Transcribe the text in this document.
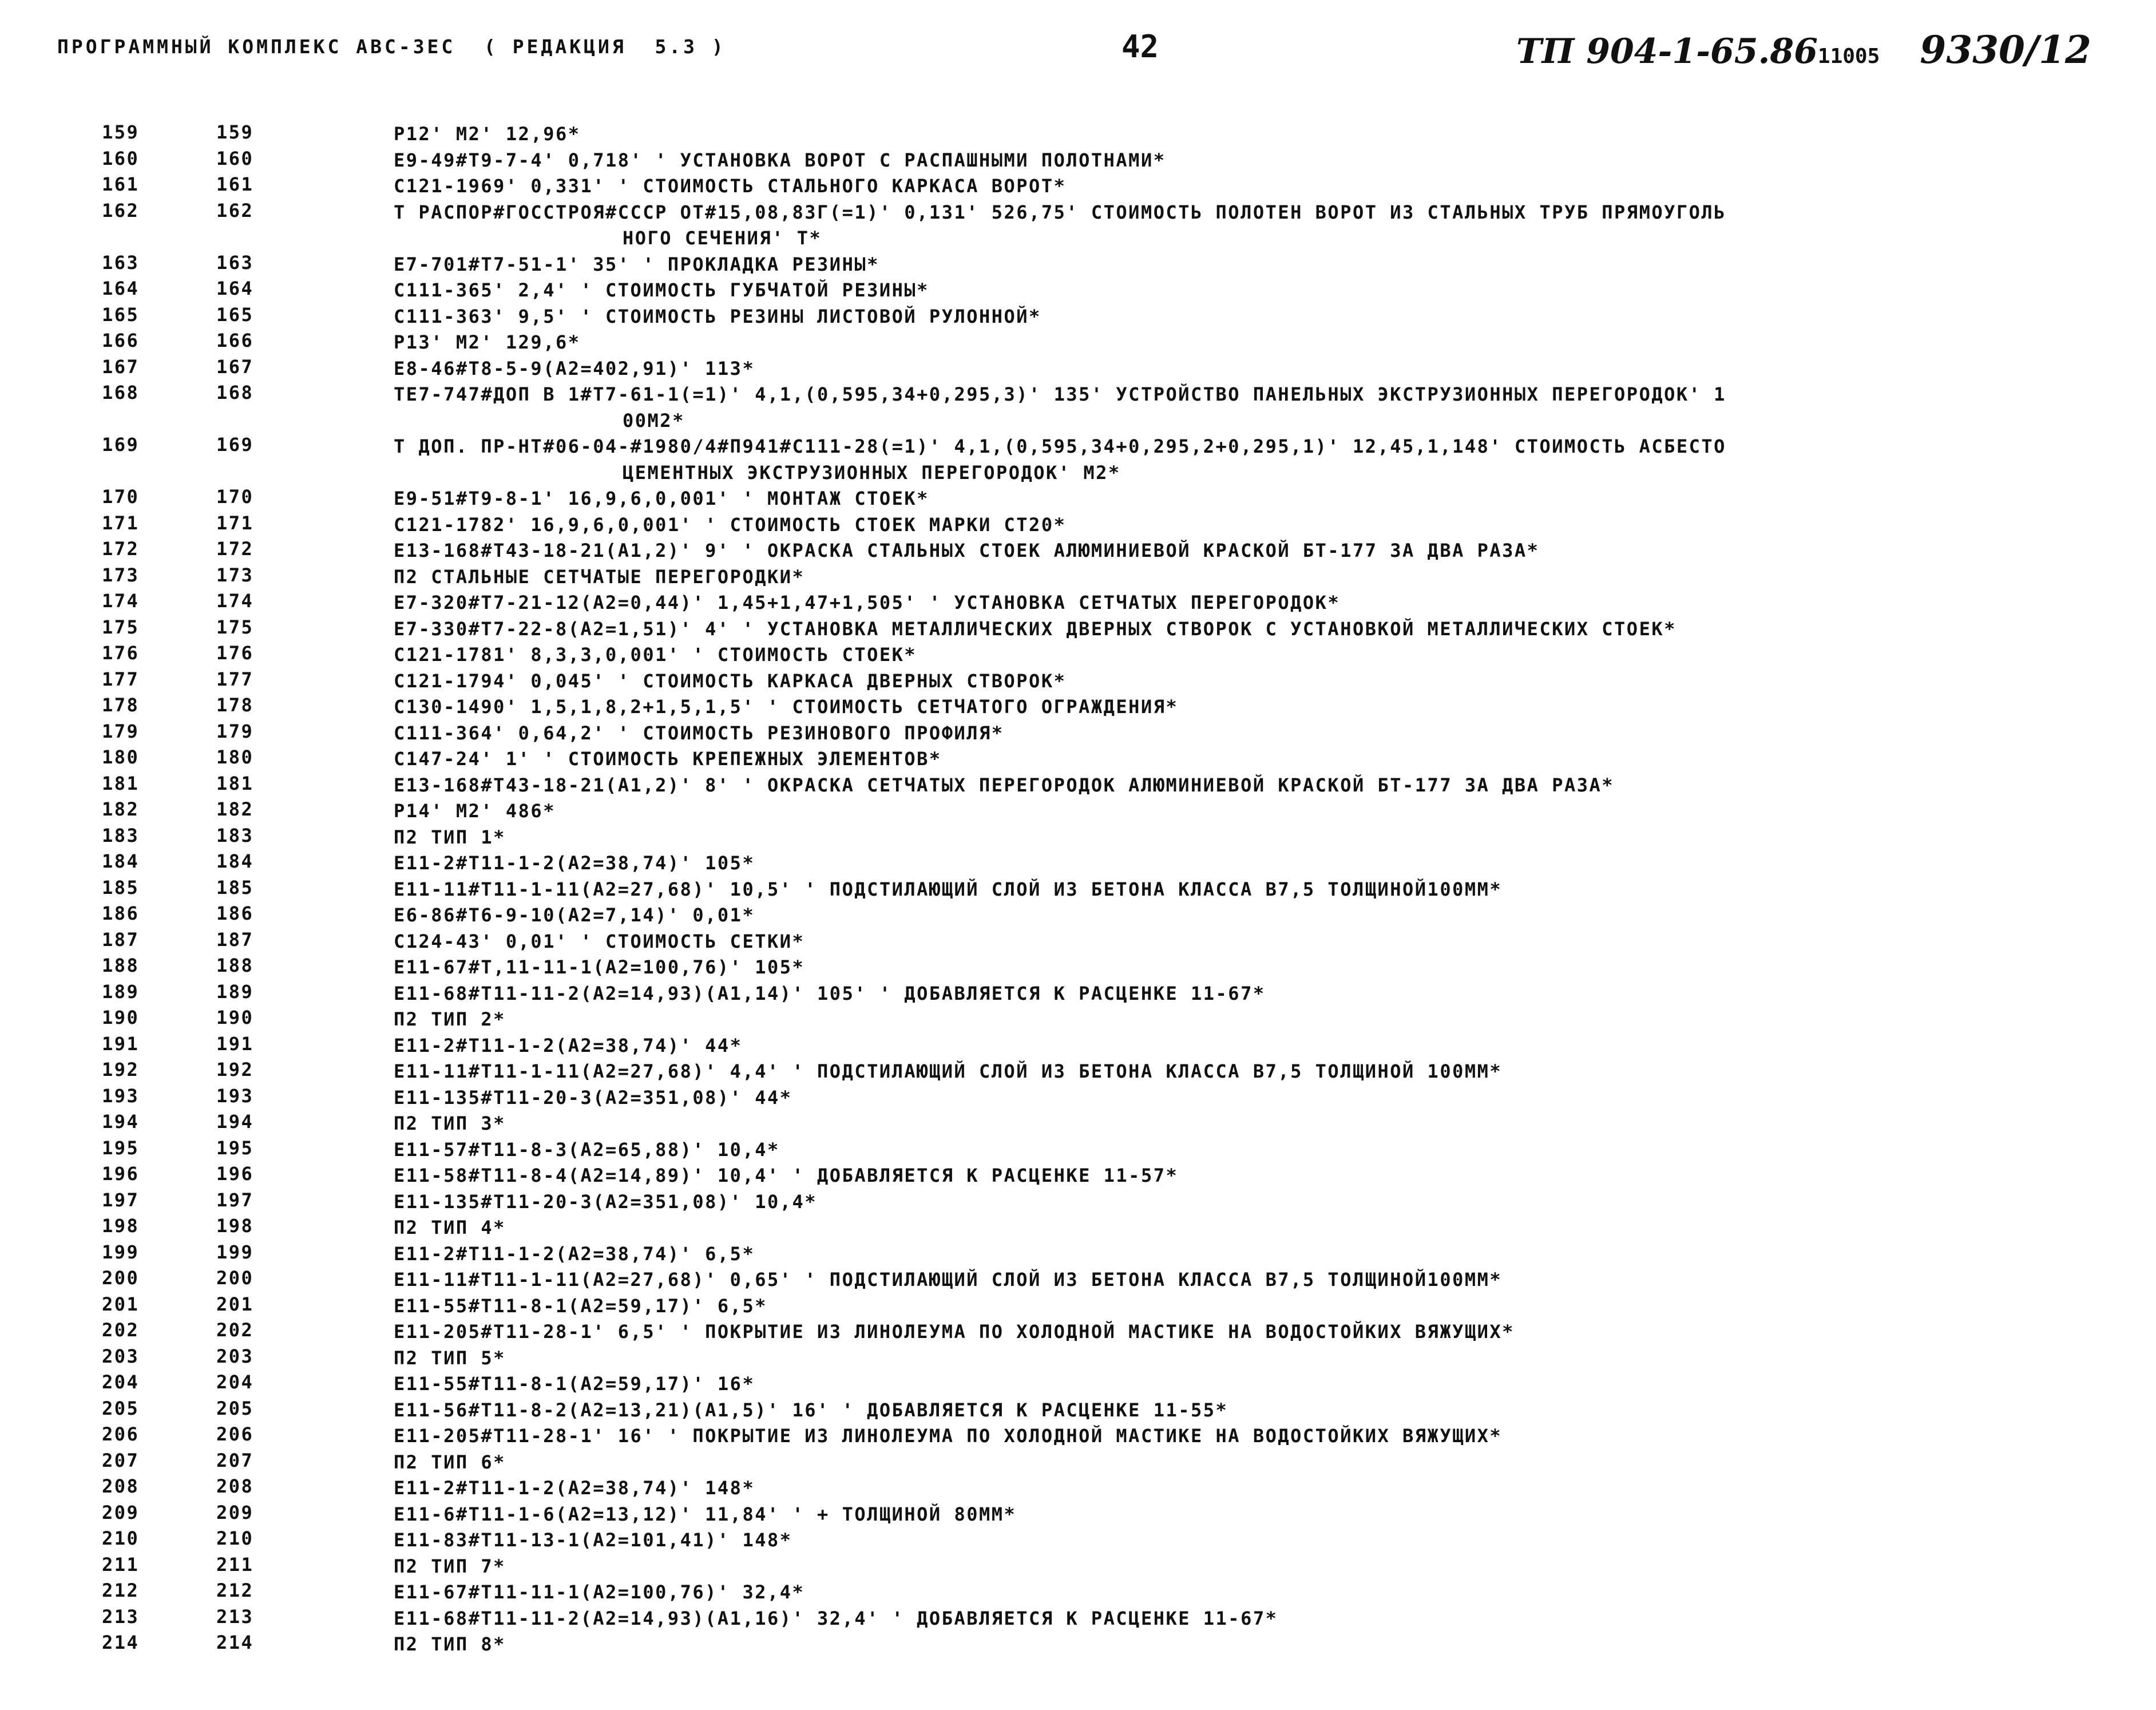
ПРОГРАММНЫЙ КОМПЛЕКС АВС-3ЕС  ( РЕДАКЦИЯ  5.3 )	42	ТП 904-1-65.8611005 9330/12
159	159	Р12' М2' 12,96*
160	160	Е9-49#Т9-7-4' 0,718' ' УСТАНОВКА ВОРОТ С РАСПАШНЫМИ ПОЛОТНАМИ*
161	161	С121-1969' 0,331' ' СТОИМОСТЬ СТАЛЬНОГО КАРКАСА ВОРОТ*
162	162	Т РАСПОР#ГОССТРОЯ#СССР ОТ#15,08,83Г(=1)' 0,131' 526,75' СТОИМОСТЬ ПОЛОТЕН ВОРОТ ИЗ СТАЛЬНЫХ ТРУБ ПРЯМОУГОЛЬ
НОГО СЕЧЕНИЯ' Т*
163	163	Е7-701#Т7-51-1' 35' ' ПРОКЛАДКА РЕЗИНЫ*
164	164	С111-365' 2,4' ' СТОИМОСТЬ ГУБЧАТОЙ РЕЗИНЫ*
165	165	С111-363' 9,5' ' СТОИМОСТЬ РЕЗИНЫ ЛИСТОВОЙ РУЛОННОЙ*
166	166	Р13' М2' 129,6*
167	167	Е8-46#Т8-5-9(А2=402,91)' 113*
168	168	ТЕ7-747#ДОП В 1#Т7-61-1(=1)' 4,1,(0,595,34+0,295,3)' 135' УСТРОЙСТВО ПАНЕЛЬНЫХ ЭКСТРУЗИОННЫХ ПЕРЕГОРОДОК' 1
00М2*
169	169	Т ДОП. ПР-НТ#06-04-#1980/4#П941#С111-28(=1)' 4,1,(0,595,34+0,295,2+0,295,1)' 12,45,1,148' СТОИМОСТЬ АСБЕСТО
ЦЕМЕНТНЫХ ЭКСТРУЗИОННЫХ ПЕРЕГОРОДОК' М2*
170	170	Е9-51#Т9-8-1' 16,9,6,0,001' ' МОНТАЖ СТОЕК*
171	171	С121-1782' 16,9,6,0,001' ' СТОИМОСТЬ СТОЕК МАРКИ СТ20*
172	172	Е13-168#Т43-18-21(А1,2)' 9' ' ОКРАСКА СТАЛЬНЫХ СТОЕК АЛЮМИНИЕВОЙ КРАСКОЙ БТ-177 ЗА ДВА РАЗА*
173	173	П2 СТАЛЬНЫЕ СЕТЧАТЫЕ ПЕРЕГОРОДКИ*
174	174	Е7-320#Т7-21-12(А2=0,44)' 1,45+1,47+1,505' ' УСТАНОВКА СЕТЧАТЫХ ПЕРЕГОРОДОК*
175	175	Е7-330#Т7-22-8(А2=1,51)' 4' ' УСТАНОВКА МЕТАЛЛИЧЕСКИХ ДВЕРНЫХ СТВОРОК С УСТАНОВКОЙ МЕТАЛЛИЧЕСКИХ СТОЕК*
176	176	С121-1781' 8,3,3,0,001' ' СТОИМОСТЬ СТОЕК*
177	177	С121-1794' 0,045' ' СТОИМОСТЬ КАРКАСА ДВЕРНЫХ СТВОРОК*
178	178	С130-1490' 1,5,1,8,2+1,5,1,5' ' СТОИМОСТЬ СЕТЧАТОГО ОГРАЖДЕНИЯ*
179	179	С111-364' 0,64,2' ' СТОИМОСТЬ РЕЗИНОВОГО ПРОФИЛЯ*
180	180	С147-24' 1' ' СТОИМОСТЬ КРЕПЕЖНЫХ ЭЛЕМЕНТОВ*
181	181	Е13-168#Т43-18-21(А1,2)' 8' ' ОКРАСКА СЕТЧАТЫХ ПЕРЕГОРОДОК АЛЮМИНИЕВОЙ КРАСКОЙ БТ-177 ЗА ДВА РАЗА*
182	182	Р14' М2' 486*
183	183	П2 ТИП 1*
184	184	Е11-2#Т11-1-2(А2=38,74)' 105*
185	185	Е11-11#Т11-1-11(А2=27,68)' 10,5' ' ПОДСТИЛАЮЩИЙ СЛОЙ ИЗ БЕТОНА КЛАССА В7,5 ТОЛЩИНОЙ100ММ*
186	186	Е6-86#Т6-9-10(А2=7,14)' 0,01*
187	187	С124-43' 0,01' ' СТОИМОСТЬ СЕТКИ*
188	188	Е11-67#Т,11-11-1(А2=100,76)' 105*
189	189	Е11-68#Т11-11-2(А2=14,93)(А1,14)' 105' ' ДОБАВЛЯЕТСЯ К РАСЦЕНКЕ 11-67*
190	190	П2 ТИП 2*
191	191	Е11-2#Т11-1-2(А2=38,74)' 44*
192	192	Е11-11#Т11-1-11(А2=27,68)' 4,4' ' ПОДСТИЛАЮЩИЙ СЛОЙ ИЗ БЕТОНА КЛАССА В7,5 ТОЛЩИНОЙ 100ММ*
193	193	Е11-135#Т11-20-3(А2=351,08)' 44*
194	194	П2 ТИП 3*
195	195	Е11-57#Т11-8-3(А2=65,88)' 10,4*
196	196	Е11-58#Т11-8-4(А2=14,89)' 10,4' ' ДОБАВЛЯЕТСЯ К РАСЦЕНКЕ 11-57*
197	197	Е11-135#Т11-20-3(А2=351,08)' 10,4*
198	198	П2 ТИП 4*
199	199	Е11-2#Т11-1-2(А2=38,74)' 6,5*
200	200	Е11-11#Т11-1-11(А2=27,68)' 0,65' ' ПОДСТИЛАЮЩИЙ СЛОЙ ИЗ БЕТОНА КЛАССА В7,5 ТОЛЩИНОЙ100ММ*
201	201	Е11-55#Т11-8-1(А2=59,17)' 6,5*
202	202	Е11-205#Т11-28-1' 6,5' ' ПОКРЫТИЕ ИЗ ЛИНОЛЕУМА ПО ХОЛОДНОЙ МАСТИКЕ НА ВОДОСТОЙКИХ ВЯЖУЩИХ*
203	203	П2 ТИП 5*
204	204	Е11-55#Т11-8-1(А2=59,17)' 16*
205	205	Е11-56#Т11-8-2(А2=13,21)(А1,5)' 16' ' ДОБАВЛЯЕТСЯ К РАСЦЕНКЕ 11-55*
206	206	Е11-205#Т11-28-1' 16' ' ПОКРЫТИЕ ИЗ ЛИНОЛЕУМА ПО ХОЛОДНОЙ МАСТИКЕ НА ВОДОСТОЙКИХ ВЯЖУЩИХ*
207	207	П2 ТИП 6*
208	208	Е11-2#Т11-1-2(А2=38,74)' 148*
209	209	Е11-6#Т11-1-6(А2=13,12)' 11,84' ' + ТОЛЩИНОЙ 80ММ*
210	210	Е11-83#Т11-13-1(А2=101,41)' 148*
211	211	П2 ТИП 7*
212	212	Е11-67#Т11-11-1(А2=100,76)' 32,4*
213	213	Е11-68#Т11-11-2(А2=14,93)(А1,16)' 32,4' ' ДОБАВЛЯЕТСЯ К РАСЦЕНКЕ 11-67*
214	214	П2 ТИП 8*
